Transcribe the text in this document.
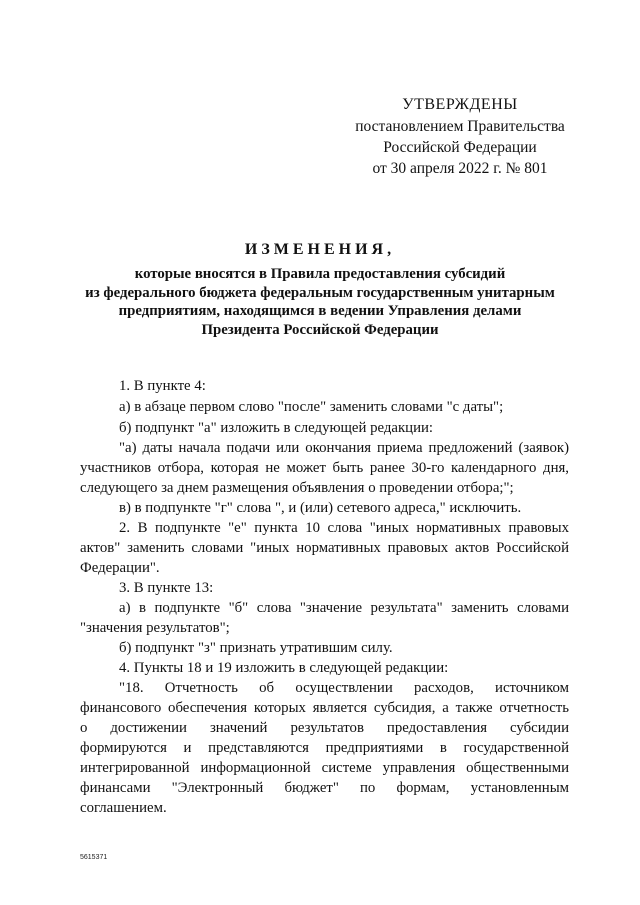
УТВЕРЖДЕНЫ
постановлением Правительства
Российской Федерации
от 30 апреля 2022 г. № 801
ИЗМЕНЕНИЯ,
которые вносятся в Правила предоставления субсидий
из федерального бюджета федеральным государственным унитарным
предприятиям, находящимся в ведении Управления делами
Президента Российской Федерации
1. В пункте 4:
а) в абзаце первом слово "после" заменить словами "с даты";
б) подпункт "а" изложить в следующей редакции:
"а) даты начала подачи или окончания приема предложений (заявок)
участников отбора, которая не может быть ранее 30-го календарного дня,
следующего за днем размещения объявления о проведении отбора;";
в) в подпункте "г" слова ", и (или) сетевого адреса," исключить.
2. В подпункте "е" пункта 10 слова "иных нормативных правовых
актов" заменить словами "иных нормативных правовых актов Российской
Федерации".
3. В пункте 13:
а) в подпункте "б" слова "значение результата" заменить словами
"значения результатов";
б) подпункт "з" признать утратившим силу.
4. Пункты 18 и 19 изложить в следующей редакции:
"18. Отчетность об осуществлении расходов, источником
финансового обеспечения которых является субсидия, а также отчетность
о достижении значений результатов предоставления субсидии
формируются и представляются предприятиями в государственной
интегрированной информационной системе управления общественными
финансами "Электронный бюджет" по формам, установленным
соглашением.
5615371
